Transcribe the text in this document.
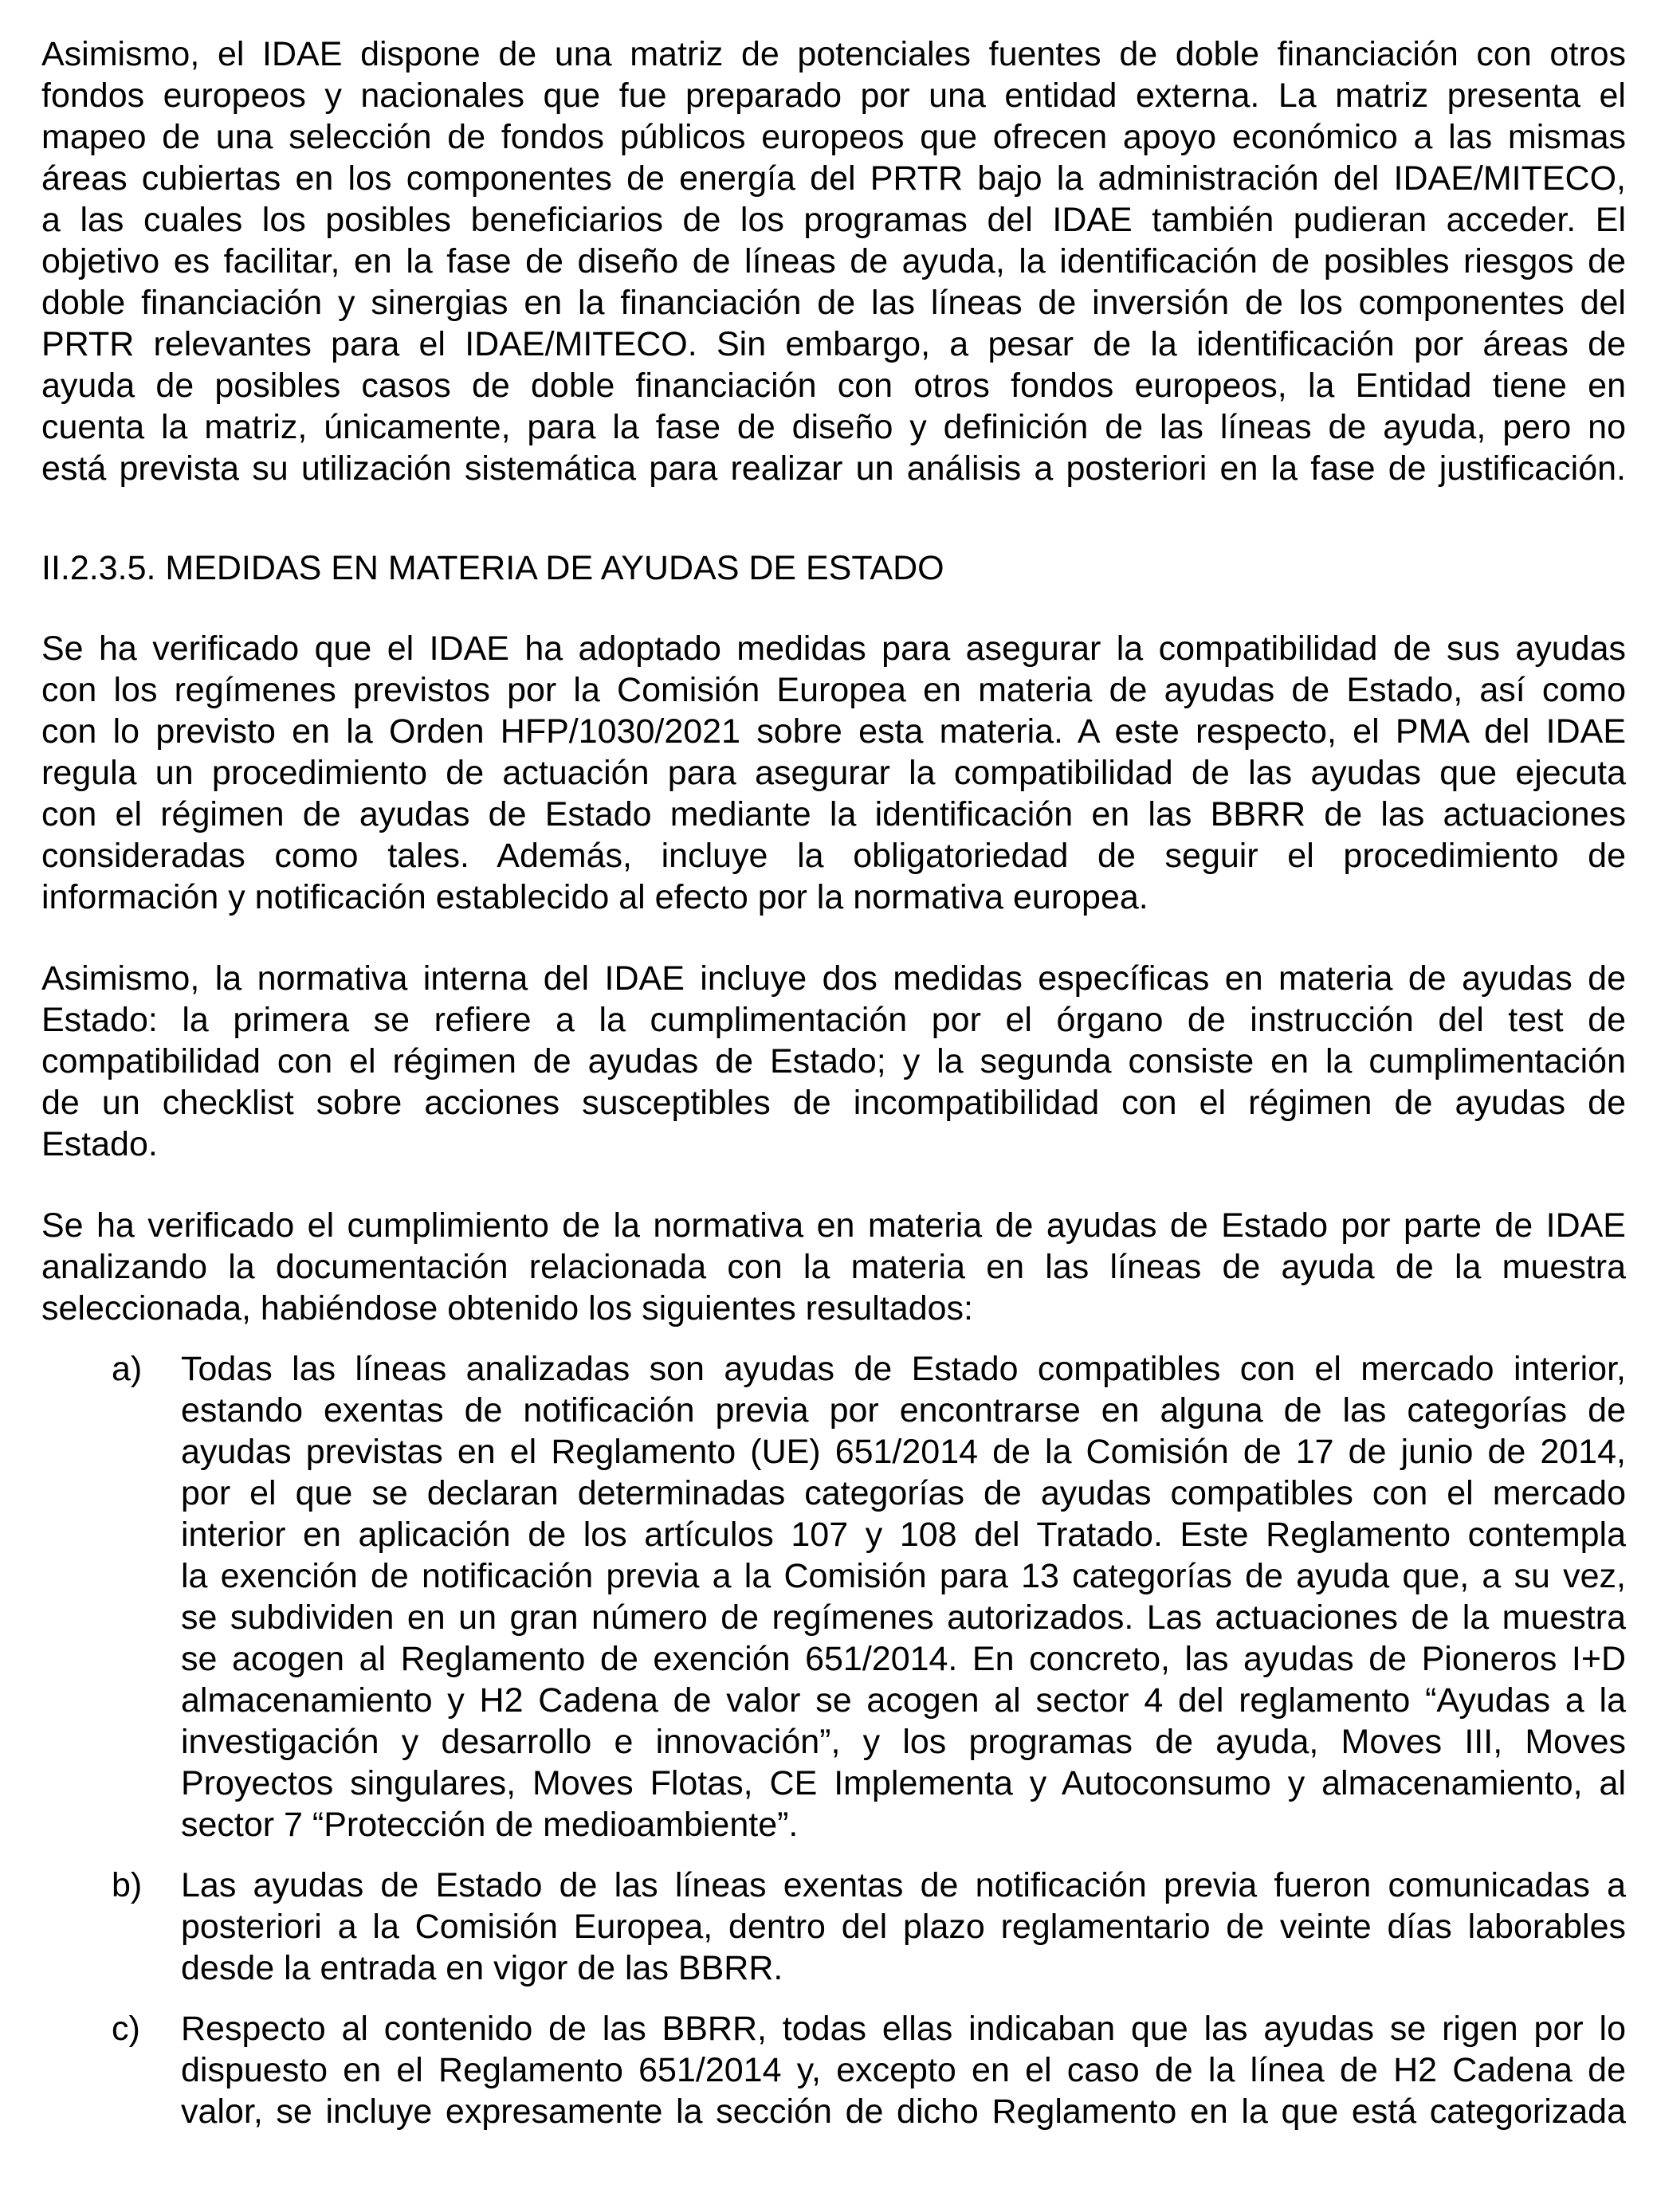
Asimismo, el IDAE dispone de una matriz de potenciales fuentes de doble financiación con otros
fondos europeos y nacionales que fue preparado por una entidad externa. La matriz presenta el
mapeo de una selección de fondos públicos europeos que ofrecen apoyo económico a las mismas
áreas cubiertas en los componentes de energía del PRTR bajo la administración del IDAE/MITECO,
a las cuales los posibles beneficiarios de los programas del IDAE también pudieran acceder. El
objetivo es facilitar, en la fase de diseño de líneas de ayuda, la identificación de posibles riesgos de
doble financiación y sinergias en la financiación de las líneas de inversión de los componentes del
PRTR relevantes para el IDAE/MITECO. Sin embargo, a pesar de la identificación por áreas de
ayuda de posibles casos de doble financiación con otros fondos europeos, la Entidad tiene en
cuenta la matriz, únicamente, para la fase de diseño y definición de las líneas de ayuda, pero no
está prevista su utilización sistemática para realizar un análisis a posteriori en la fase de justificación.
II.2.3.5. MEDIDAS EN MATERIA DE AYUDAS DE ESTADO
Se ha verificado que el IDAE ha adoptado medidas para asegurar la compatibilidad de sus ayudas
con los regímenes previstos por la Comisión Europea en materia de ayudas de Estado, así como
con lo previsto en la Orden HFP/1030/2021 sobre esta materia. A este respecto, el PMA del IDAE
regula un procedimiento de actuación para asegurar la compatibilidad de las ayudas que ejecuta
con el régimen de ayudas de Estado mediante la identificación en las BBRR de las actuaciones
consideradas como tales. Además, incluye la obligatoriedad de seguir el procedimiento de
información y notificación establecido al efecto por la normativa europea.
Asimismo, la normativa interna del IDAE incluye dos medidas específicas en materia de ayudas de
Estado: la primera se refiere a la cumplimentación por el órgano de instrucción del test de
compatibilidad con el régimen de ayudas de Estado; y la segunda consiste en la cumplimentación
de un checklist sobre acciones susceptibles de incompatibilidad con el régimen de ayudas de
Estado.
Se ha verificado el cumplimiento de la normativa en materia de ayudas de Estado por parte de IDAE
analizando la documentación relacionada con la materia en las líneas de ayuda de la muestra
seleccionada, habiéndose obtenido los siguientes resultados:
a) Todas las líneas analizadas son ayudas de Estado compatibles con el mercado interior,
estando exentas de notificación previa por encontrarse en alguna de las categorías de
ayudas previstas en el Reglamento (UE) 651/2014 de la Comisión de 17 de junio de 2014,
por el que se declaran determinadas categorías de ayudas compatibles con el mercado
interior en aplicación de los artículos 107 y 108 del Tratado. Este Reglamento contempla
la exención de notificación previa a la Comisión para 13 categorías de ayuda que, a su vez,
se subdividen en un gran número de regímenes autorizados. Las actuaciones de la muestra
se acogen al Reglamento de exención 651/2014. En concreto, las ayudas de Pioneros I+D
almacenamiento y H2 Cadena de valor se acogen al sector 4 del reglamento “Ayudas a la
investigación y desarrollo e innovación”, y los programas de ayuda, Moves III, Moves
Proyectos singulares, Moves Flotas, CE Implementa y Autoconsumo y almacenamiento, al
sector 7 “Protección de medioambiente”.
b) Las ayudas de Estado de las líneas exentas de notificación previa fueron comunicadas a
posteriori a la Comisión Europea, dentro del plazo reglamentario de veinte días laborables
desde la entrada en vigor de las BBRR.
c) Respecto al contenido de las BBRR, todas ellas indicaban que las ayudas se rigen por lo
dispuesto en el Reglamento 651/2014 y, excepto en el caso de la línea de H2 Cadena de
valor, se incluye expresamente la sección de dicho Reglamento en la que está categorizada
